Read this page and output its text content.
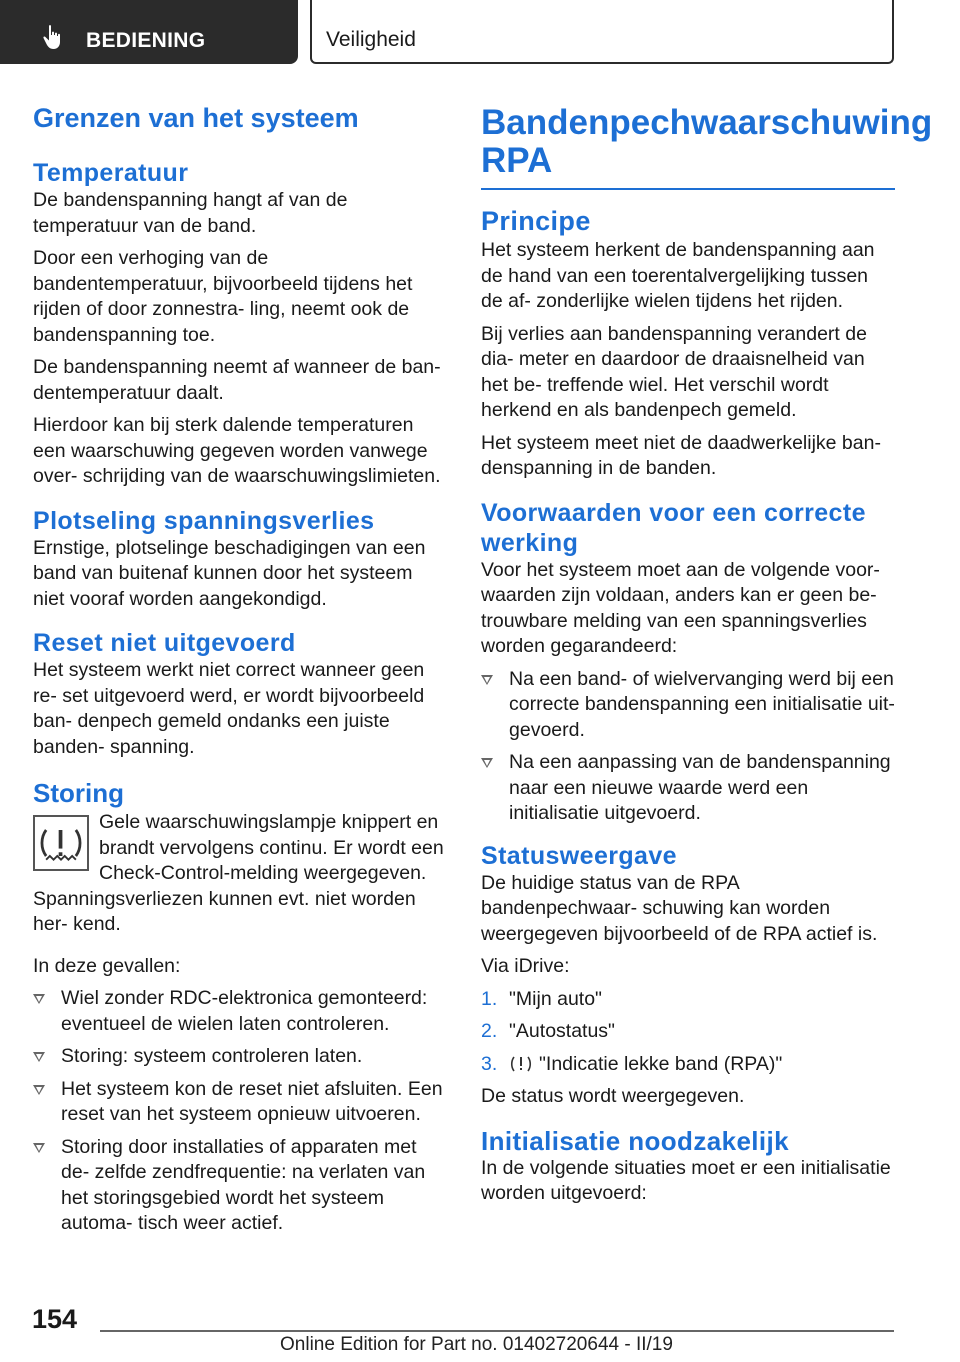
BEDIENING	Veiligheid
Grenzen van het systeem
Temperatuur

De bandenspanning hangt af van de temperatuur van de band.

Door een verhoging van de bandentemperatuur, bijvoorbeeld tijdens het rijden of door zonnestra- ling, neemt ook de bandenspanning toe.

De bandenspanning neemt af wanneer de ban- dentemperatuur daalt.

Hierdoor kan bij sterk dalende temperaturen een waarschuwing gegeven worden vanwege over- schrijding van de waarschuwingslimieten.

Plotseling spanningsverlies

Ernstige, plotselinge beschadigingen van een band van buitenaf kunnen door het systeem niet vooraf worden aangekondigd.

Reset niet uitgevoerd

Het systeem werkt niet correct wanneer geen re- set uitgevoerd werd, er wordt bijvoorbeeld ban- denpech gemeld ondanks een juiste banden- spanning.

Storing

Gele waarschuwingslampje knippert en brandt vervolgens continu. Er wordt een Check-Control-melding weergegeven.

Spanningsverliezen kunnen evt. niet worden her- kend.

In deze gevallen:

Wiel zonder RDC-elektronica gemonteerd: eventueel de wielen laten controleren.
Storing: systeem controleren laten.
Het systeem kon de reset niet afsluiten. Een reset van het systeem opnieuw uitvoeren.
Storing door installaties of apparaten met de- zelfde zendfrequentie: na verlaten van het storingsgebied wordt het systeem automa- tisch weer actief.
Bandenpechwaarschuwing
RPA
Principe

Het systeem herkent de bandenspanning aan de hand van een toerentalvergelijking tussen de af- zonderlijke wielen tijdens het rijden.

Bij verlies aan bandenspanning verandert de dia- meter en daardoor de draaisnelheid van het be- treffende wiel. Het verschil wordt herkend en als bandenpech gemeld.

Het systeem meet niet de daadwerkelijke ban- denspanning in de banden.

Voorwaarden voor een correcte werking

Voor het systeem moet aan de volgende voor- waarden zijn voldaan, anders kan er geen be- trouwbare melding van een spanningsverlies worden gegarandeerd:

Na een band- of wielvervanging werd bij een correcte bandenspanning een initialisatie uit- gevoerd.
Na een aanpassing van de bandenspanning naar een nieuwe waarde werd een initialisatie uitgevoerd.
Statusweergave

De huidige status van de RPA bandenpechwaar- schuwing kan worden weergegeven bijvoorbeeld of de RPA actief is.

Via iDrive:

1. "Mijn auto"
2. "Autostatus"
3. "Indicatie lekke band (RPA)"

De status wordt weergegeven.

Initialisatie noodzakelijk

In de volgende situaties moet er een initialisatie worden uitgevoerd:

154
Online Edition for Part no. 01402720644 - II/19
